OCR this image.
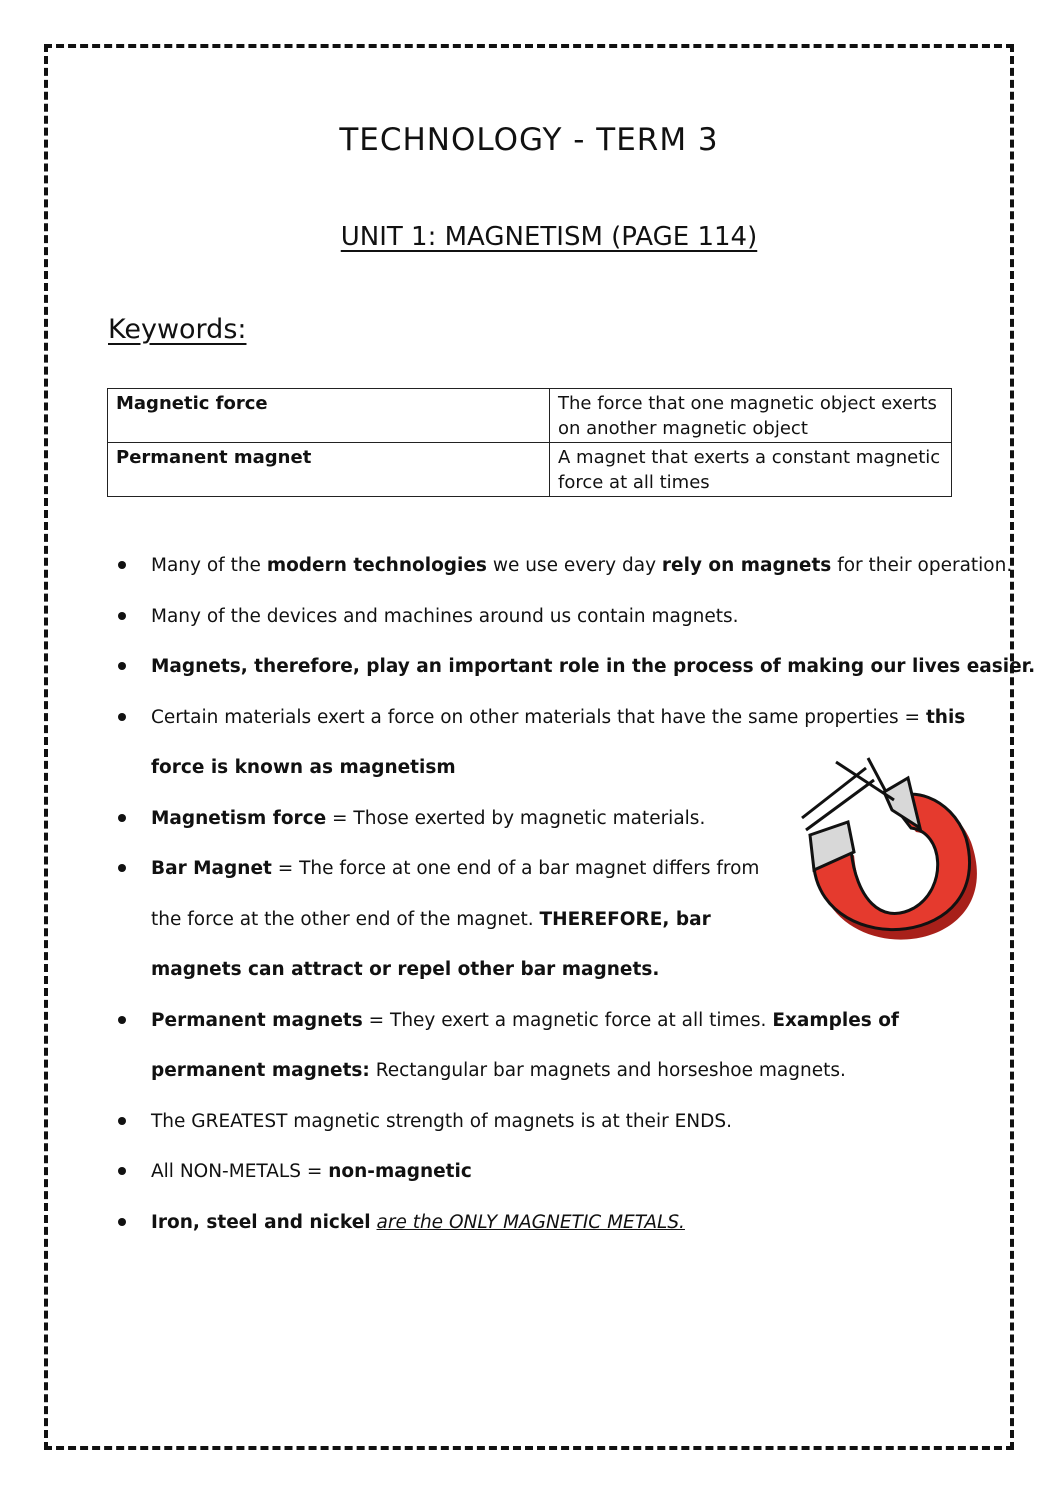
TECHNOLOGY - TERM 3
UNIT 1: MAGNETISM (PAGE 114)
Keywords:
Magnetic force	The force that one magnetic object exerts on another magnetic object
Permanent magnet	A magnet that exerts a constant magnetic force at all times
Many of the modern technologies we use every day rely on magnets for their operation.
Many of the devices and machines around us contain magnets.
Magnets, therefore, play an important role in the process of making our lives easier.
Certain materials exert a force on other materials that have the same properties = this
force is known as magnetism
Magnetism force = Those exerted by magnetic materials.
Bar Magnet = The force at one end of a bar magnet differs from
the force at the other end of the magnet. THEREFORE, bar
magnets can attract or repel other bar magnets.
Permanent magnets = They exert a magnetic force at all times. Examples of
permanent magnets: Rectangular bar magnets and horseshoe magnets.
The GREATEST magnetic strength of magnets is at their ENDS.
All NON-METALS = non-magnetic
Iron, steel and nickel are the ONLY MAGNETIC METALS.
